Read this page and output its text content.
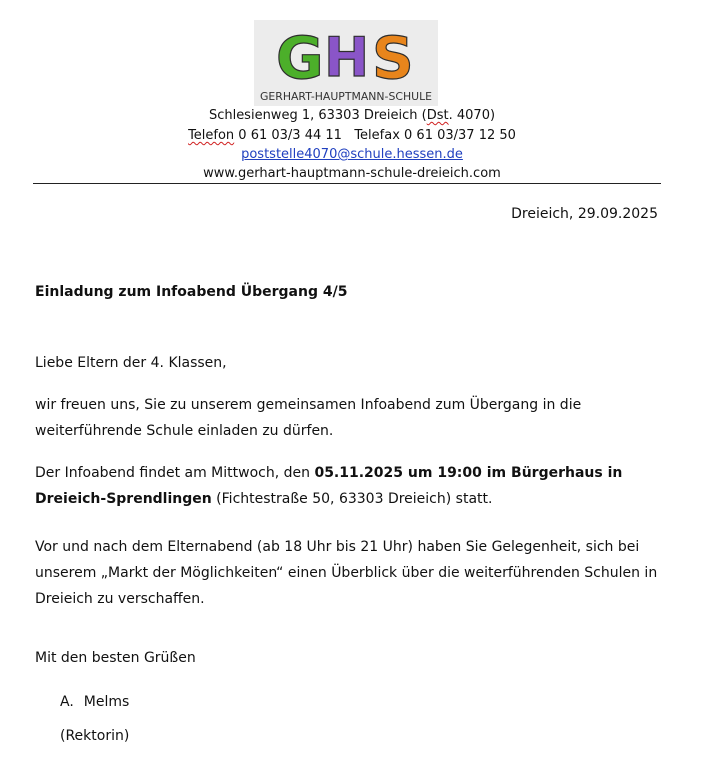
G H S
GERHART-HAUPTMANN-SCHULE
Schlesienweg 1, 63303 Dreieich (Dst. 4070)
Telefon 0 61 03/3 44 11   Telefax 0 61 03/37 12 50
poststelle4070@schule.hessen.de
www.gerhart-hauptmann-schule-dreieich.com
Dreieich, 29.09.2025
Einladung zum Infoabend Übergang 4/5
Liebe Eltern der 4. Klassen,
wir freuen uns, Sie zu unserem gemeinsamen Infoabend zum Übergang in die weiterführende Schule einladen zu dürfen.
Der Infoabend findet am Mittwoch, den 05.11.2025 um 19:00 im Bürgerhaus in Dreieich-Sprendlingen (Fichtestraße 50, 63303 Dreieich) statt.
Vor und nach dem Elternabend (ab 18 Uhr bis 21 Uhr) haben Sie Gelegenheit, sich bei unserem „Markt der Möglichkeiten“ einen Überblick über die weiterführenden Schulen in Dreieich zu verschaffen.
Mit den besten Grüßen
A. Melms
(Rektorin)
